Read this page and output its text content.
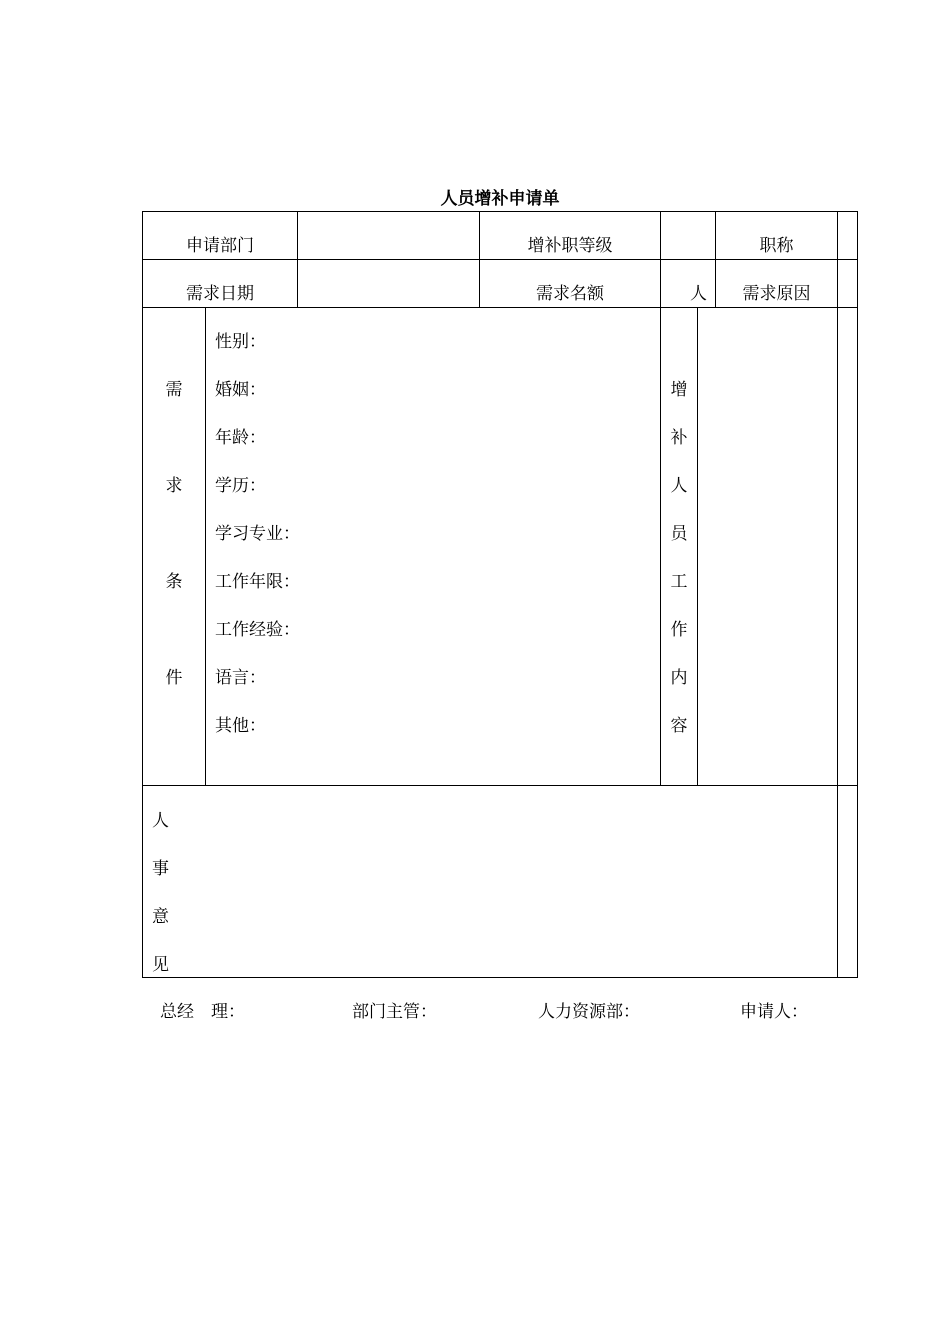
人员增补申请单
申请部门	增补职等级	职称
需求日期	需求名额	人	需求原因
需
求
条
件
性别：
婚姻：
年龄：
学历：
学习专业：
工作年限：
工作经验：
语言：
其他：
增
补
人
员
工
作
内
容
人
事
意
见
总经　理：	部门主管：	人力资源部：	申请人：
